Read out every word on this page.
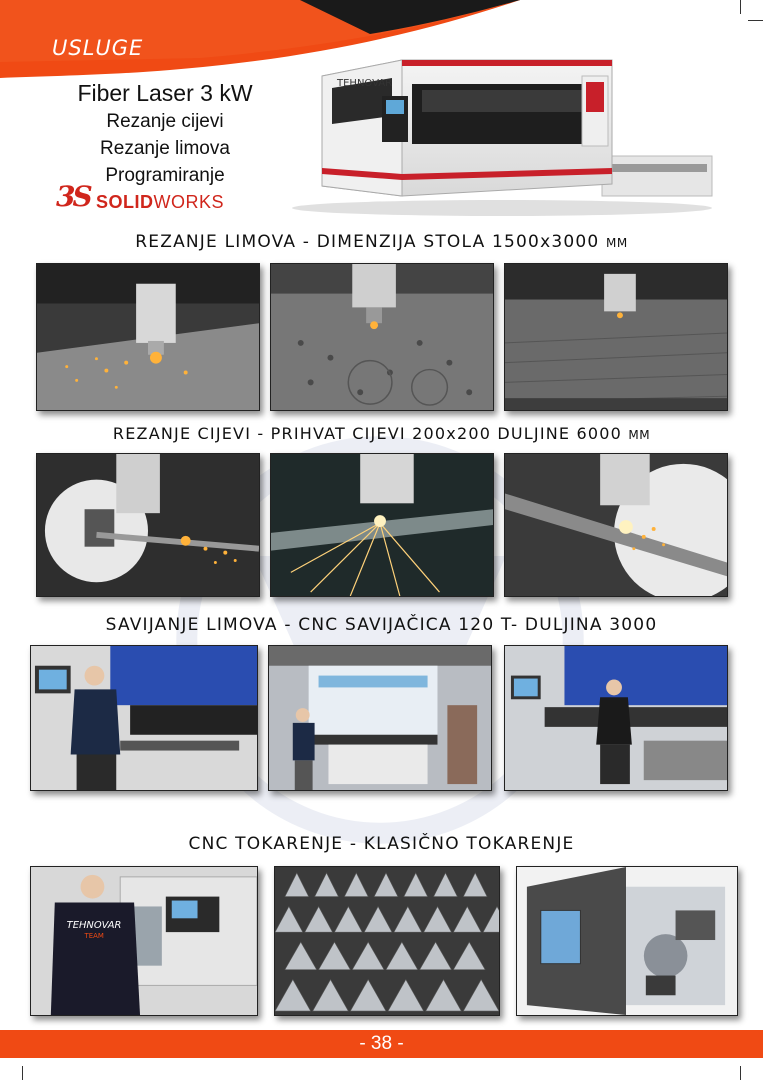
USLUGE
Fiber Laser 3 kW
Rezanje cijevi
Rezanje limova
Programiranje
3S SOLIDWORKS
TEHNOVAR
REZANJE LIMOVA - DIMENZIJA STOLA 1500x3000 MM
REZANJE CIJEVI - PRIHVAT CIJEVI 200x200 DULJINE 6000 MM
SAVIJANJE LIMOVA - CNC SAVIJAČICA 120 T- DULJINA 3000
CNC TOKARENJE - KLASIČNO TOKARENJE
TEHNOVAR
TEAM
- 38 -
